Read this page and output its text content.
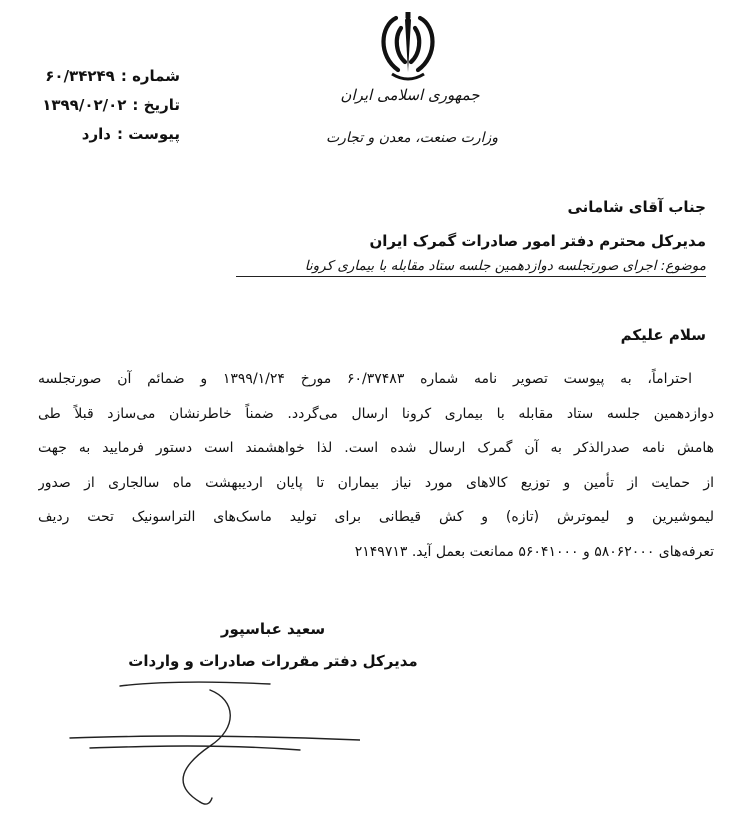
شماره :
۶۰/۳۴۲۴۹
تاریخ :
۱۳۹۹/۰۲/۰۲
پیوست :
دارد
جمهوری اسلامی ایران
وزارت صنعت، معدن و تجارت
جناب آقای شامانی
مدیرکل محترم دفتر امور صادرات گمرک ایران
موضوع: اجرای صورتجلسه دوازدهمین جلسه ستاد مقابله با بیماری کرونا
سلام علیکم
احتراماً، به پیوست تصویر نامه شماره ۶۰/۳۷۴۸۳ مورخ ۱۳۹۹/۱/۲۴ و ضمائم آن صورتجلسه
دوازدهمین جلسه ستاد مقابله با بیماری کرونا ارسال می‌گردد. ضمناً خاطرنشان می‌سازد قبلاً طی
هامش نامه صدرالذکر به آن گمرک ارسال شده است. لذا خواهشمند است دستور فرمایید به جهت
از حمایت از تأمین و توزیع کالاهای مورد نیاز بیماران تا پایان اردیبهشت ماه سالجاری از صدور
لیموشیرین و لیموترش (تازه) و کش قیطانی برای تولید ماسک‌های التراسونیک تحت ردیف
تعرفه‌های ۵۸۰۶۲۰۰۰ و ۵۶۰۴۱۰۰۰ ممانعت بعمل آید. ۲۱۴۹۷۱۳
سعید عباسپور
مدیرکل دفتر مقررات صادرات و واردات
